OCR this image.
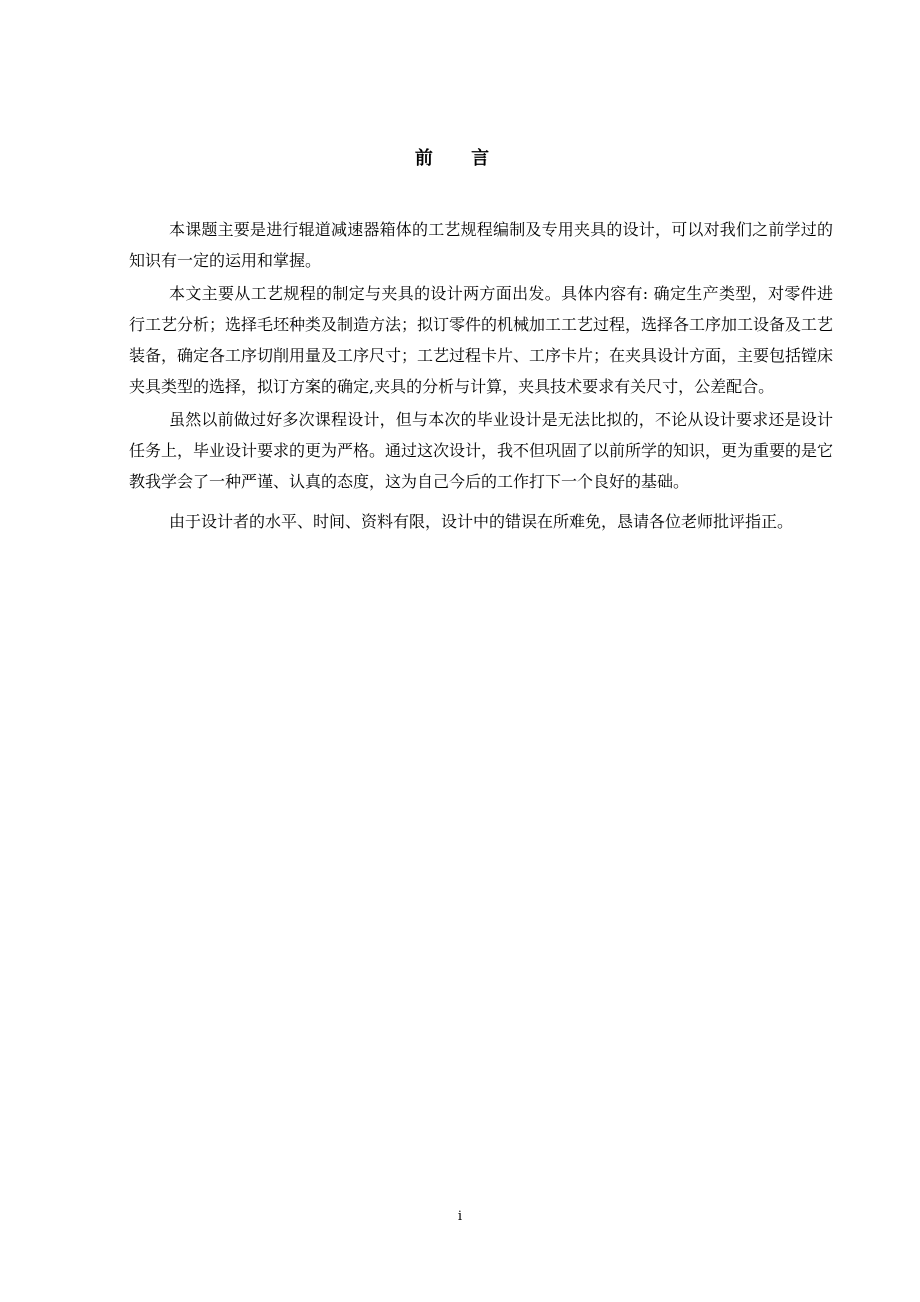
前 言

本课题主要是进行辊道减速器箱体的工艺规程编制及专用夹具的设计，可以对我们之前学过的知识有一定的运用和掌握。

本文主要从工艺规程的制定与夹具的设计两方面出发。具体内容有: 确定生产类型，对零件进行工艺分析；选择毛坯种类及制造方法；拟订零件的机械加工工艺过程，选择各工序加工设备及工艺装备，确定各工序切削用量及工序尺寸；工艺过程卡片、工序卡片；在夹具设计方面，主要包括镗床夹具类型的选择，拟订方案的确定,夹具的分析与计算，夹具技术要求有关尺寸，公差配合。

虽然以前做过好多次课程设计，但与本次的毕业设计是无法比拟的，不论从设计要求还是设计任务上，毕业设计要求的更为严格。通过这次设计，我不但巩固了以前所学的知识，更为重要的是它教我学会了一种严谨、认真的态度，这为自己今后的工作打下一个良好的基础。

由于设计者的水平、时间、资料有限，设计中的错误在所难免，恳请各位老师批评指正。

i
